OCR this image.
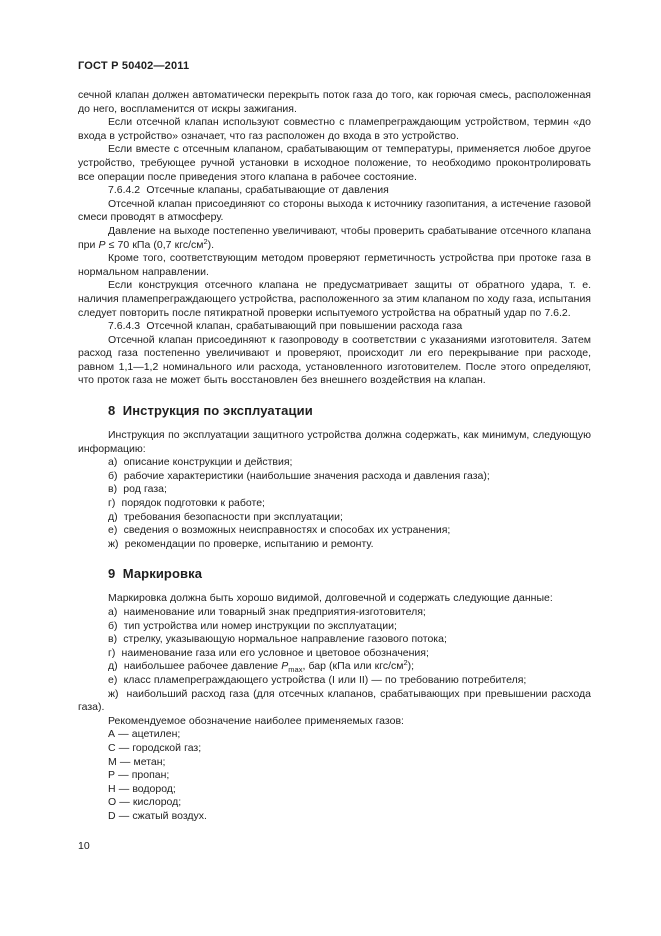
ГОСТ Р 50402—2011

сечной клапан должен автоматически перекрыть поток газа до того, как горючая смесь, расположенная до него, воспламенится от искры зажигания.

Если отсечной клапан используют совместно с пламепреграждающим устройством, термин «до входа в устройство» означает, что газ расположен до входа в это устройство.

Если вместе с отсечным клапаном, срабатывающим от температуры, применяется любое другое устройство, требующее ручной установки в исходное положение, то необходимо проконтролировать все операции после приведения этого клапана в рабочее состояние.

7.6.4.2  Отсечные клапаны, срабатывающие от давления

Отсечной клапан присоединяют со стороны выхода к источнику газопитания, а истечение газовой смеси проводят в атмосферу.

Давление на выходе постепенно увеличивают, чтобы проверить срабатывание отсечного клапана при P ≤ 70 кПа (0,7 кгс/$см^2$).

Кроме того, соответствующим методом проверяют герметичность устройства при протоке газа в нормальном направлении.

Если конструкция отсечного клапана не предусматривает защиты от обратного удара, т. е. наличия пламепреграждающего устройства, расположенного за этим клапаном по ходу газа, испытания следует повторить после пятикратной проверки испытуемого устройства на обратный удар по 7.6.2.

7.6.4.3  Отсечной клапан, срабатывающий при повышении расхода газа

Отсечной клапан присоединяют к газопроводу в соответствии с указаниями изготовителя. Затем расход газа постепенно увеличивают и проверяют, происходит ли его перекрывание при расходе, равном 1,1—1,2 номинального или расхода, установленного изготовителем. После этого определяют, что проток газа не может быть восстановлен без внешнего воздействия на клапан.

8  Инструкция по эксплуатации

Инструкция по эксплуатации защитного устройства должна содержать, как минимум, следующую информацию:

а)  описание конструкции и действия;

б)  рабочие характеристики (наибольшие значения расхода и давления газа);

в)  род газа;

г)  порядок подготовки к работе;

д)  требования безопасности при эксплуатации;

е)  сведения о возможных неисправностях и способах их устранения;

ж)  рекомендации по проверке, испытанию и ремонту.

9  Маркировка

Маркировка должна быть хорошо видимой, долговечной и содержать следующие данные:

а)  наименование или товарный знак предприятия-изготовителя;

б)  тип устройства или номер инструкции по эксплуатации;

в)  стрелку, указывающую нормальное направление газового потока;

г)  наименование газа или его условное и цветовое обозначения;

д)  наибольшее рабочее давление $P_{max}$, бар (кПа или кгс/$см^2$);

е)  класс пламепреграждающего устройства (I или II) — по требованию потребителя;

ж)  наибольший расход газа (для отсечных клапанов, срабатывающих при превышении расхода газа).

Рекомендуемое обозначение наиболее применяемых газов:

А — ацетилен;

С — городской газ;

М — метан;

Р — пропан;

Н — водород;

О — кислород;

D — сжатый воздух.

10
